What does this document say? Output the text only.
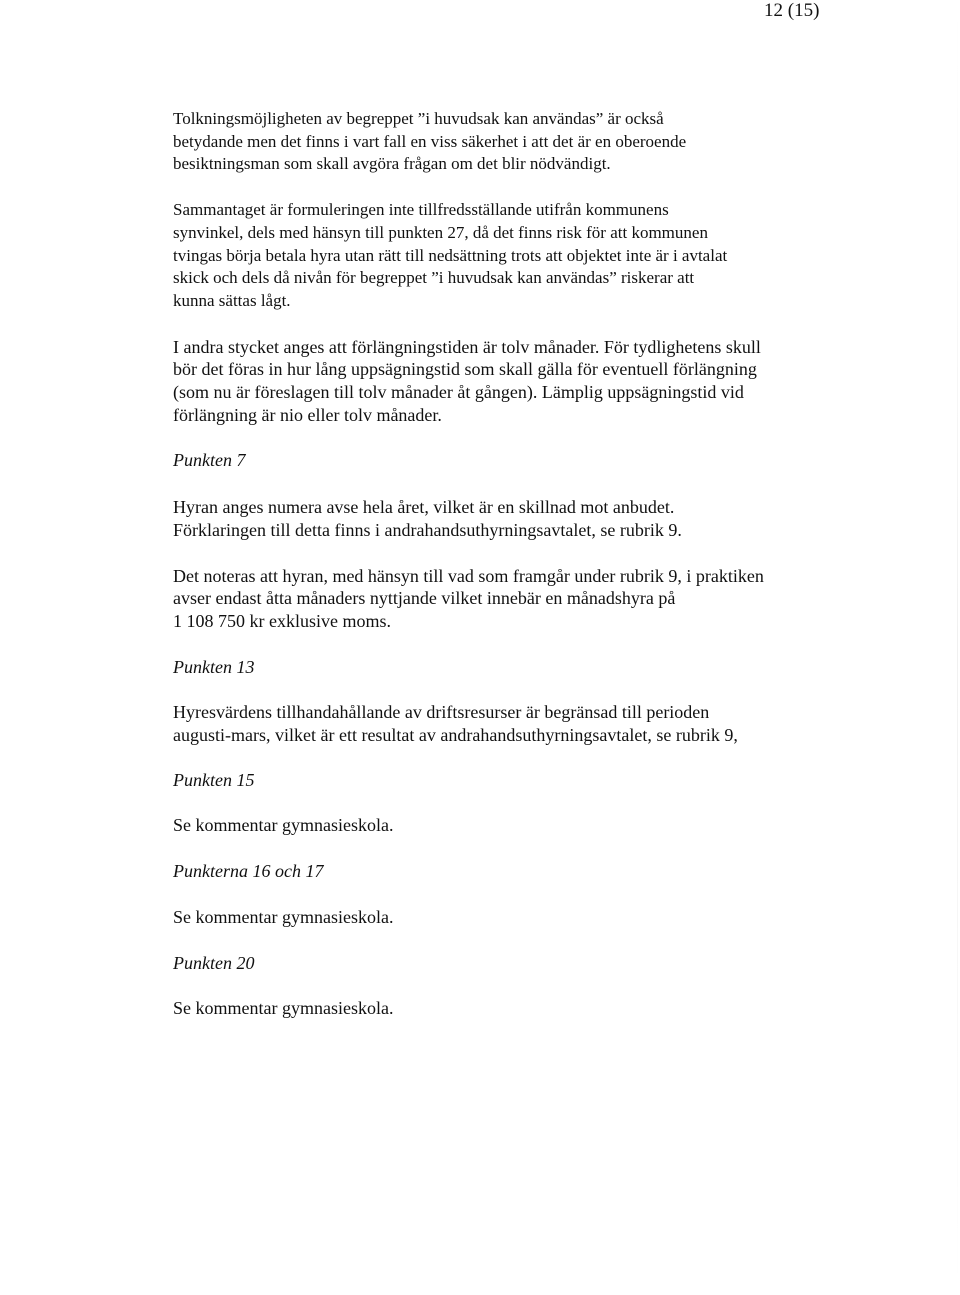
12 (15)

Tolkningsmöjligheten av begreppet ”i huvudsak kan användas” är också
betydande men det finns i vart fall en viss säkerhet i att det är en oberoende
besiktningsman som skall avgöra frågan om det blir nödvändigt.

Sammantaget är formuleringen inte tillfredsställande utifrån kommunens
synvinkel, dels med hänsyn till punkten 27, då det finns risk för att kommunen
tvingas börja betala hyra utan rätt till nedsättning trots att objektet inte är i avtalat
skick och dels då nivån för begreppet ”i huvudsak kan användas” riskerar att
kunna sättas lågt.

I andra stycket anges att förlängningstiden är tolv månader. För tydlighetens skull
bör det föras in hur lång uppsägningstid som skall gälla för eventuell förlängning
(som nu är föreslagen till tolv månader åt gången). Lämplig uppsägningstid vid
förlängning är nio eller tolv månader.

Punkten 7

Hyran anges numera avse hela året, vilket är en skillnad mot anbudet.
Förklaringen till detta finns i andrahandsuthyrningsavtalet, se rubrik 9.

Det noteras att hyran, med hänsyn till vad som framgår under rubrik 9, i praktiken
avser endast åtta månaders nyttjande vilket innebär en månadshyra på
1 108 750 kr exklusive moms.

Punkten 13

Hyresvärdens tillhandahållande av driftsresurser är begränsad till perioden
augusti-mars, vilket är ett resultat av andrahandsuthyrningsavtalet, se rubrik 9,

Punkten 15

Se kommentar gymnasieskola.

Punkterna 16 och 17

Se kommentar gymnasieskola.

Punkten 20

Se kommentar gymnasieskola.
